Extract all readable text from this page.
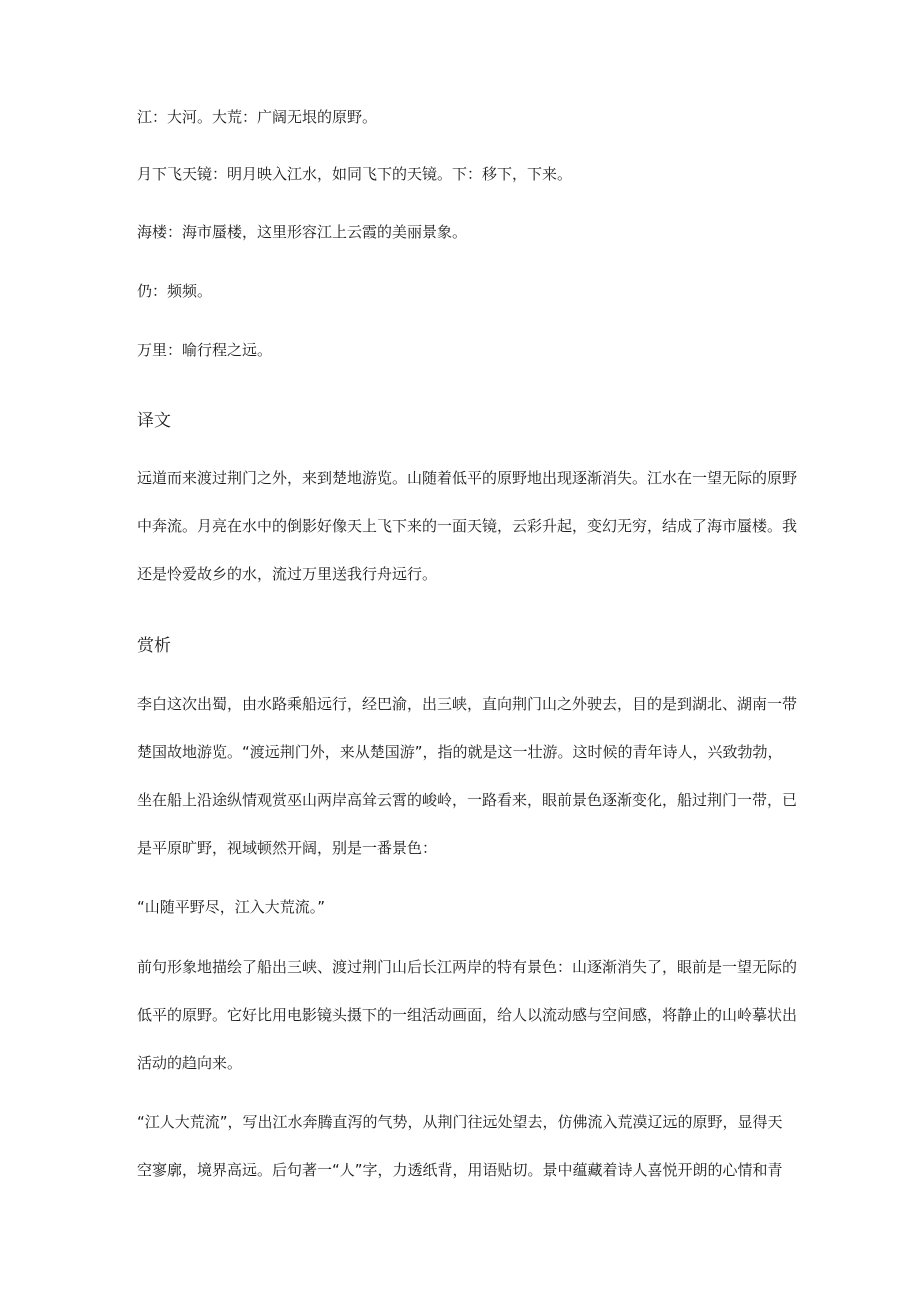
江：大河。大荒：广阔无垠的原野。
月下飞天镜：明月映入江水，如同飞下的天镜。下：移下，下来。
海楼：海市蜃楼，这里形容江上云霞的美丽景象。
仍：频频。
万里：喻行程之远。
译文
远道而来渡过荆门之外，来到楚地游览。山随着低平的原野地出现逐渐消失。江水在一望无际的原野
中奔流。月亮在水中的倒影好像天上飞下来的一面天镜，云彩升起，变幻无穷，结成了海市蜃楼。我
还是怜爱故乡的水，流过万里送我行舟远行。
赏析
李白这次出蜀，由水路乘船远行，经巴渝，出三峡，直向荆门山之外驶去，目的是到湖北、湖南一带
楚国故地游览。“渡远荆门外，来从楚国游”，指的就是这一壮游。这时候的青年诗人，兴致勃勃，
坐在船上沿途纵情观赏巫山两岸高耸云霄的峻岭，一路看来，眼前景色逐渐变化，船过荆门一带，已
是平原旷野，视域顿然开阔，别是一番景色：
“山随平野尽，江入大荒流。”
前句形象地描绘了船出三峡、渡过荆门山后长江两岸的特有景色：山逐渐消失了，眼前是一望无际的
低平的原野。它好比用电影镜头摄下的一组活动画面，给人以流动感与空间感，将静止的山岭摹状出
活动的趋向来。
“江人大荒流”，写出江水奔腾直泻的气势，从荆门往远处望去，仿佛流入荒漠辽远的原野，显得天
空寥廓，境界高远。后句著一“人”字，力透纸背，用语贴切。景中蕴藏着诗人喜悦开朗的心情和青
